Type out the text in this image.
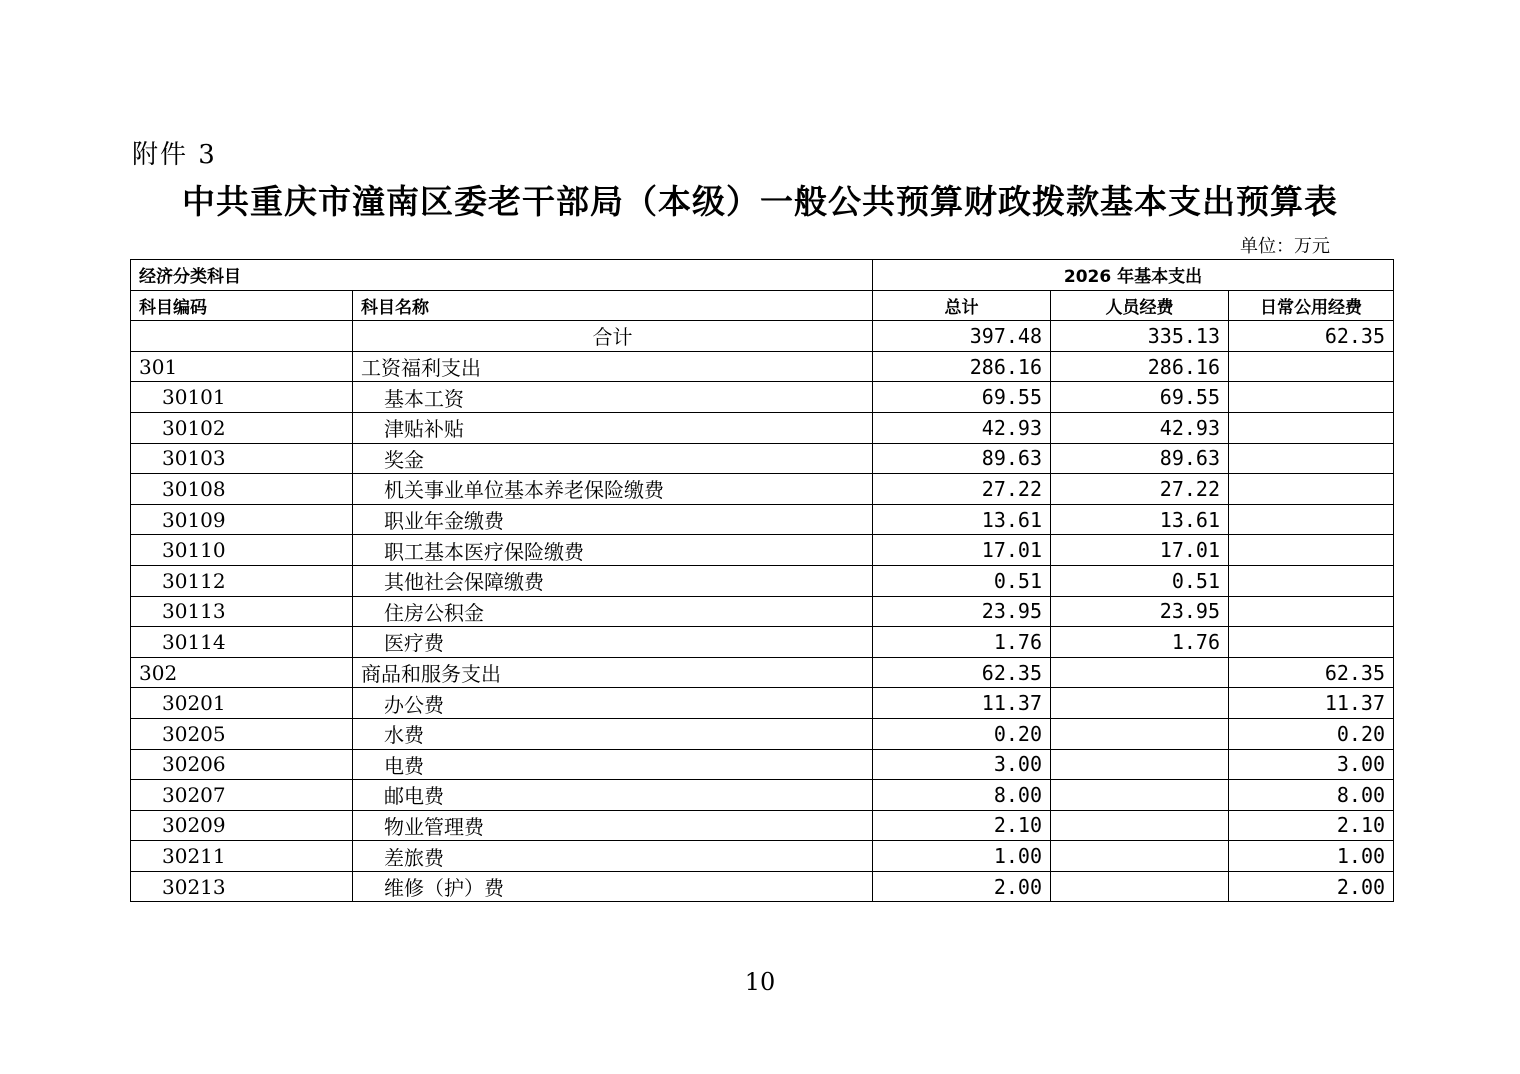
附件 3
中共重庆市潼南区委老干部局（本级）一般公共预算财政拨款基本支出预算表
单位：万元
经济分类科目		2026 年基本支出		
科目编码	科目名称	总计	人员经费	日常公用经费
	合计	397.48	335.13	62.35
301	工资福利支出	286.16	286.16	
30101	基本工资	69.55	69.55	
30102	津贴补贴	42.93	42.93	
30103	奖金	89.63	89.63	
30108	机关事业单位基本养老保险缴费	27.22	27.22	
30109	职业年金缴费	13.61	13.61	
30110	职工基本医疗保险缴费	17.01	17.01	
30112	其他社会保障缴费	0.51	0.51	
30113	住房公积金	23.95	23.95	
30114	医疗费	1.76	1.76	
302	商品和服务支出	62.35		62.35
30201	办公费	11.37		11.37
30205	水费	0.20		0.20
30206	电费	3.00		3.00
30207	邮电费	8.00		8.00
30209	物业管理费	2.10		2.10
30211	差旅费	1.00		1.00
30213	维修（护）费	2.00		2.00
10
